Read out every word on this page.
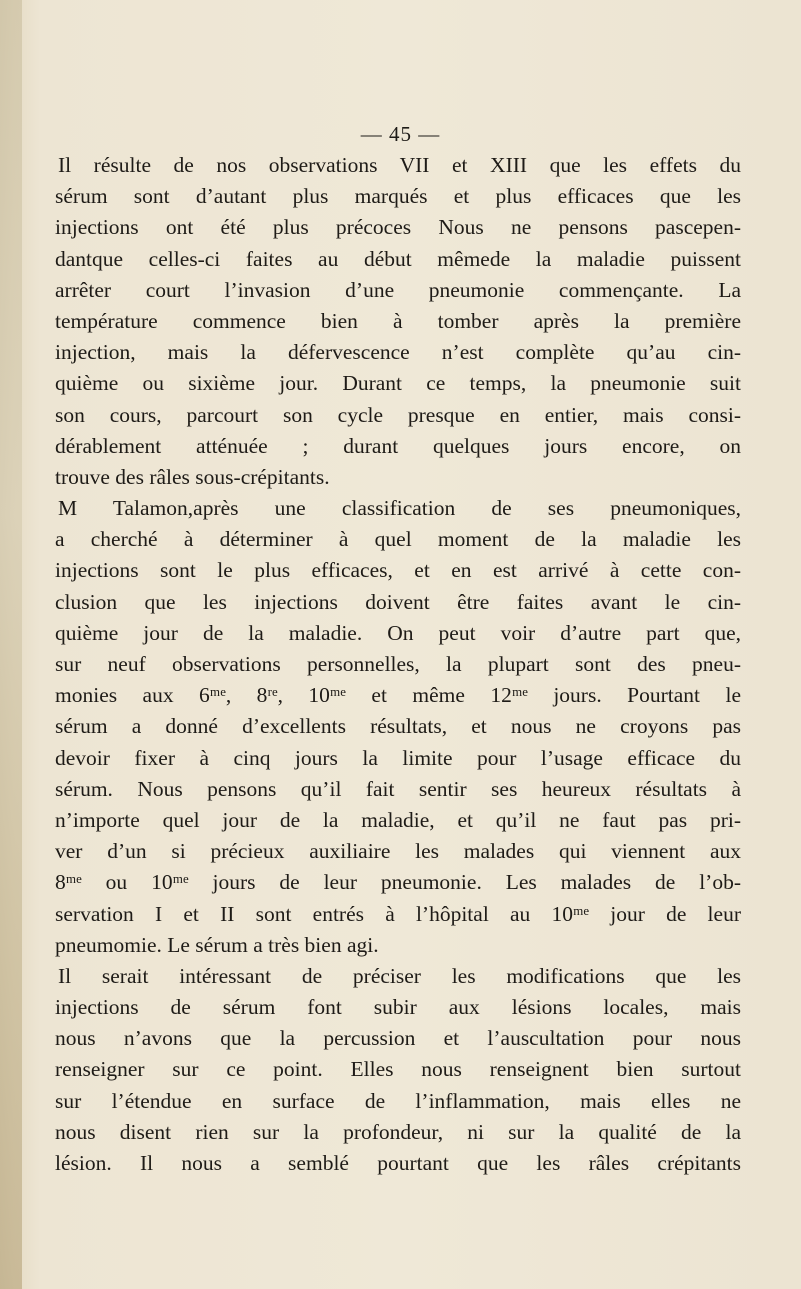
— 45 —
Il résulte de nos observations VII et XIII que les effets du
sérum sont d’autant plus marqués et plus efficaces que les
injections ont été plus précoces Nous ne pensons pascepen-
dantque celles-ci faites au début mêmede la maladie puissent
arrêter court l’invasion d’une pneumonie commençante. La
température commence bien à tomber après la première
injection, mais la défervescence n’est complète qu’au cin-
quième ou sixième jour. Durant ce temps, la pneumonie suit
son cours, parcourt son cycle presque en entier, mais consi-
dérablement atténuée ; durant quelques jours encore, on
trouve des râles sous-crépitants.
M Talamon,après une classification de ses pneumoniques,
a cherché à déterminer à quel moment de la maladie les
injections sont le plus efficaces, et en est arrivé à cette con-
clusion que les injections doivent être faites avant le cin-
quième jour de la maladie. On peut voir d’autre part que,
sur neuf observations personnelles, la plupart sont des pneu-
monies aux 6ᵐᵉ, 8ʳᵉ, 10ᵐᵉ et même 12ᵐᵉ jours. Pourtant le
sérum a donné d’excellents résultats, et nous ne croyons pas
devoir fixer à cinq jours la limite pour l’usage efficace du
sérum. Nous pensons qu’il fait sentir ses heureux résultats à
n’importe quel jour de la maladie, et qu’il ne faut pas pri-
ver d’un si précieux auxiliaire les malades qui viennent aux
8ᵐᵉ ou 10ᵐᵉ jours de leur pneumonie. Les malades de l’ob-
servation I et II sont entrés à l’hôpital au 10ᵐᵉ jour de leur
pneumomie. Le sérum a très bien agi.
Il serait intéressant de préciser les modifications que les
injections de sérum font subir aux lésions locales, mais
nous n’avons que la percussion et l’auscultation pour nous
renseigner sur ce point. Elles nous renseignent bien surtout
sur l’étendue en surface de l’inflammation, mais elles ne
nous disent rien sur la profondeur, ni sur la qualité de la
lésion. Il nous a semblé pourtant que les râles crépitants
